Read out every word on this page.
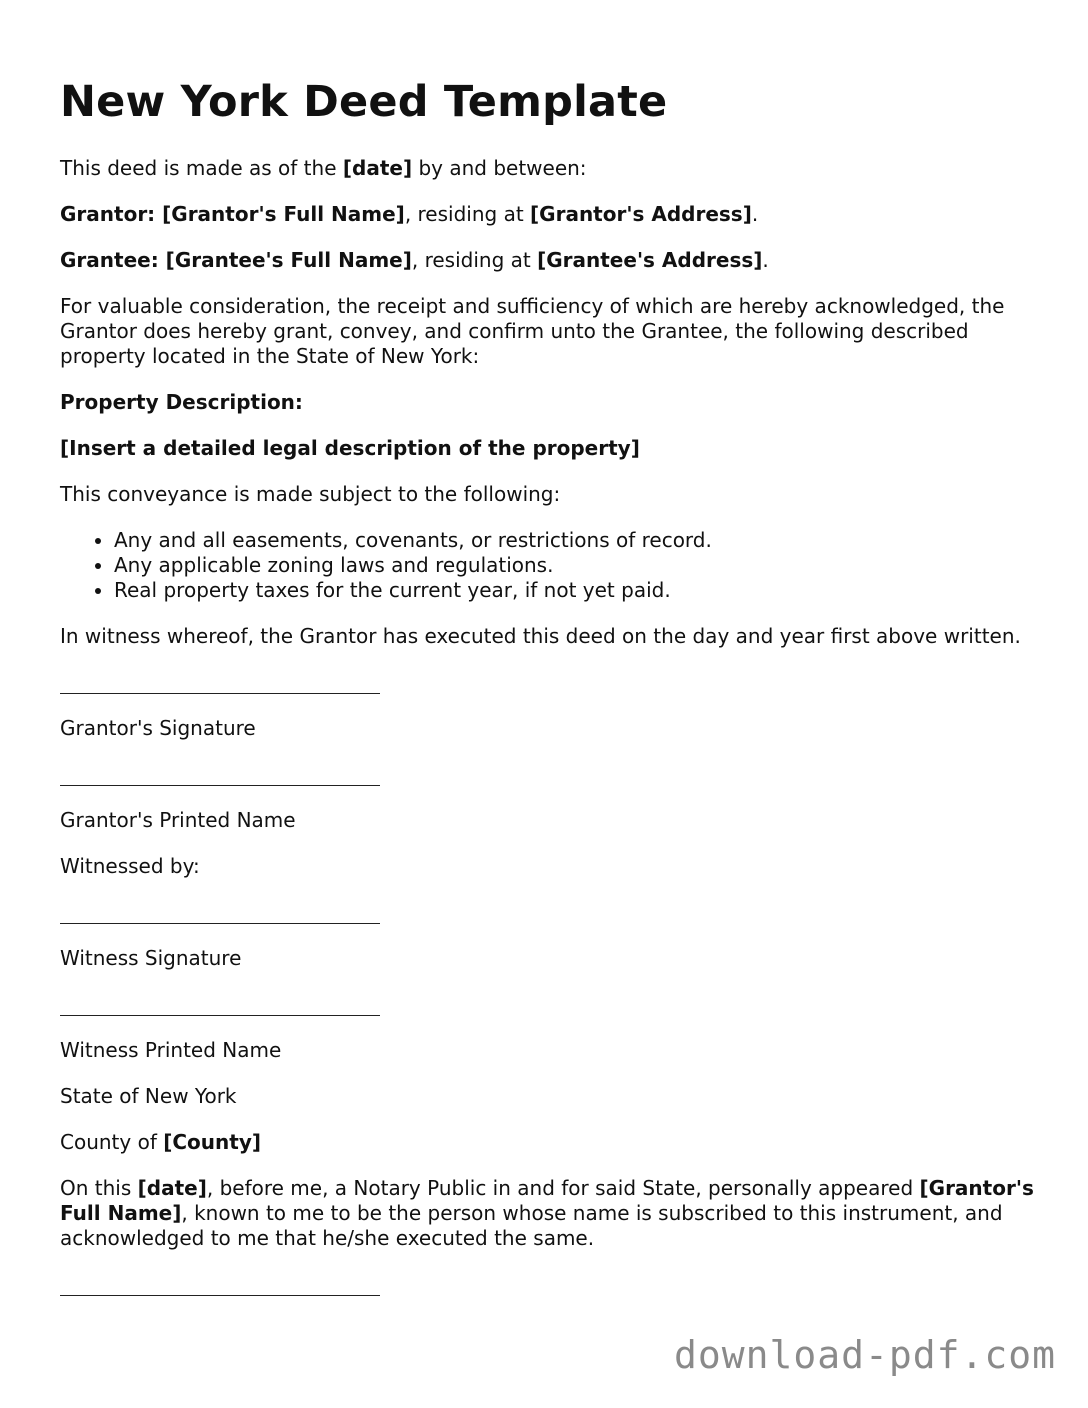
New York Deed Template

This deed is made as of the [date] by and between:

Grantor: [Grantor's Full Name], residing at [Grantor's Address].

Grantee: [Grantee's Full Name], residing at [Grantee's Address].

For valuable consideration, the receipt and sufficiency of which are hereby acknowledged, the Grantor does hereby grant, convey, and confirm unto the Grantee, the following described property located in the State of New York:

Property Description:

[Insert a detailed legal description of the property]

This conveyance is made subject to the following:

• Any and all easements, covenants, or restrictions of record.
• Any applicable zoning laws and regulations.
• Real property taxes for the current year, if not yet paid.

In witness whereof, the Grantor has executed this deed on the day and year first above written.

Grantor's Signature

Grantor's Printed Name

Witnessed by:

Witness Signature

Witness Printed Name

State of New York

County of [County]

On this [date], before me, a Notary Public in and for said State, personally appeared [Grantor's Full Name], known to me to be the person whose name is subscribed to this instrument, and acknowledged to me that he/she executed the same.

download-pdf.com
